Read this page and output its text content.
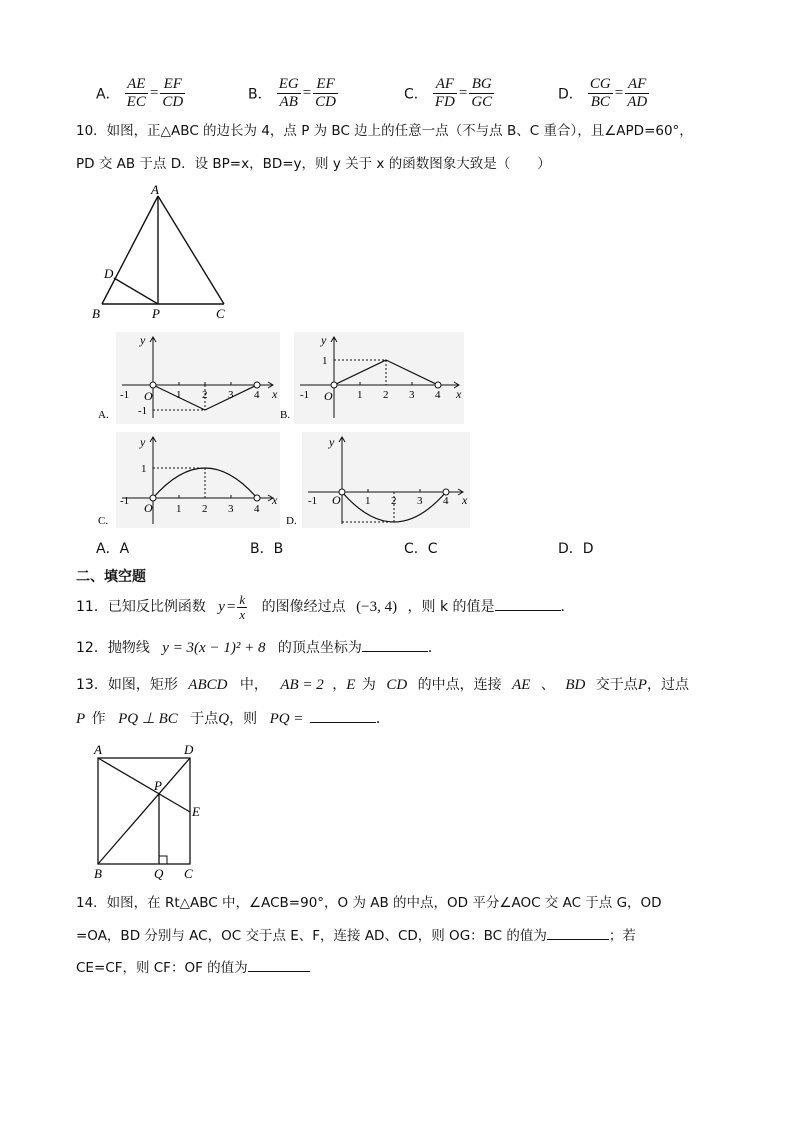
A． $\frac{AE}{EC} = \frac{EF}{CD}$	B． $\frac{EG}{AB} = \frac{EF}{CD}$	C． $\frac{AF}{FD} = \frac{BG}{GC}$	D． $\frac{CG}{BC} = \frac{AF}{AD}$
10．如图，正△ABC 的边长为 4，点 P 为 BC 边上的任意一点（不与点 B、C 重合），且∠APD=60°，
PD 交 AB 于点 D．设 BP=x，BD=y，则 y 关于 x 的函数图象大致是（　　）
A
D
B	P	C
y
x
-1 O 1 2 3 4
-1
A.
y
x
1
-1 O 1 2 3 4
B.
y
x
1
-1 O 1 2 3 4
C.
y
x
-1 O 1 2 3 4
D.
A．A	B．B	C．C	D．D
二、填空题
11．已知反比例函数 $y = \frac{k}{x}$ 的图像经过点 (−3, 4) ，则 k 的值是	．
12．抛物线 y = 3(x − 1)² + 8 的顶点坐标为	．
13．如图，矩形 ABCD 中， AB = 2 ，E 为 CD 的中点，连接 AE 、 BD 交于点P，过点
P 作 PQ ⊥ BC 于点Q，则 PQ =	．
A	D
P
E
B	Q C
14．如图，在 Rt△ABC 中，∠ACB=90°，O 为 AB 的中点，OD 平分∠AOC 交 AC 于点 G，OD
=OA，BD 分别与 AC，OC 交于点 E、F，连接 AD、CD，则 OG：BC 的值为	；若
CE=CF，则 CF：OF 的值为
